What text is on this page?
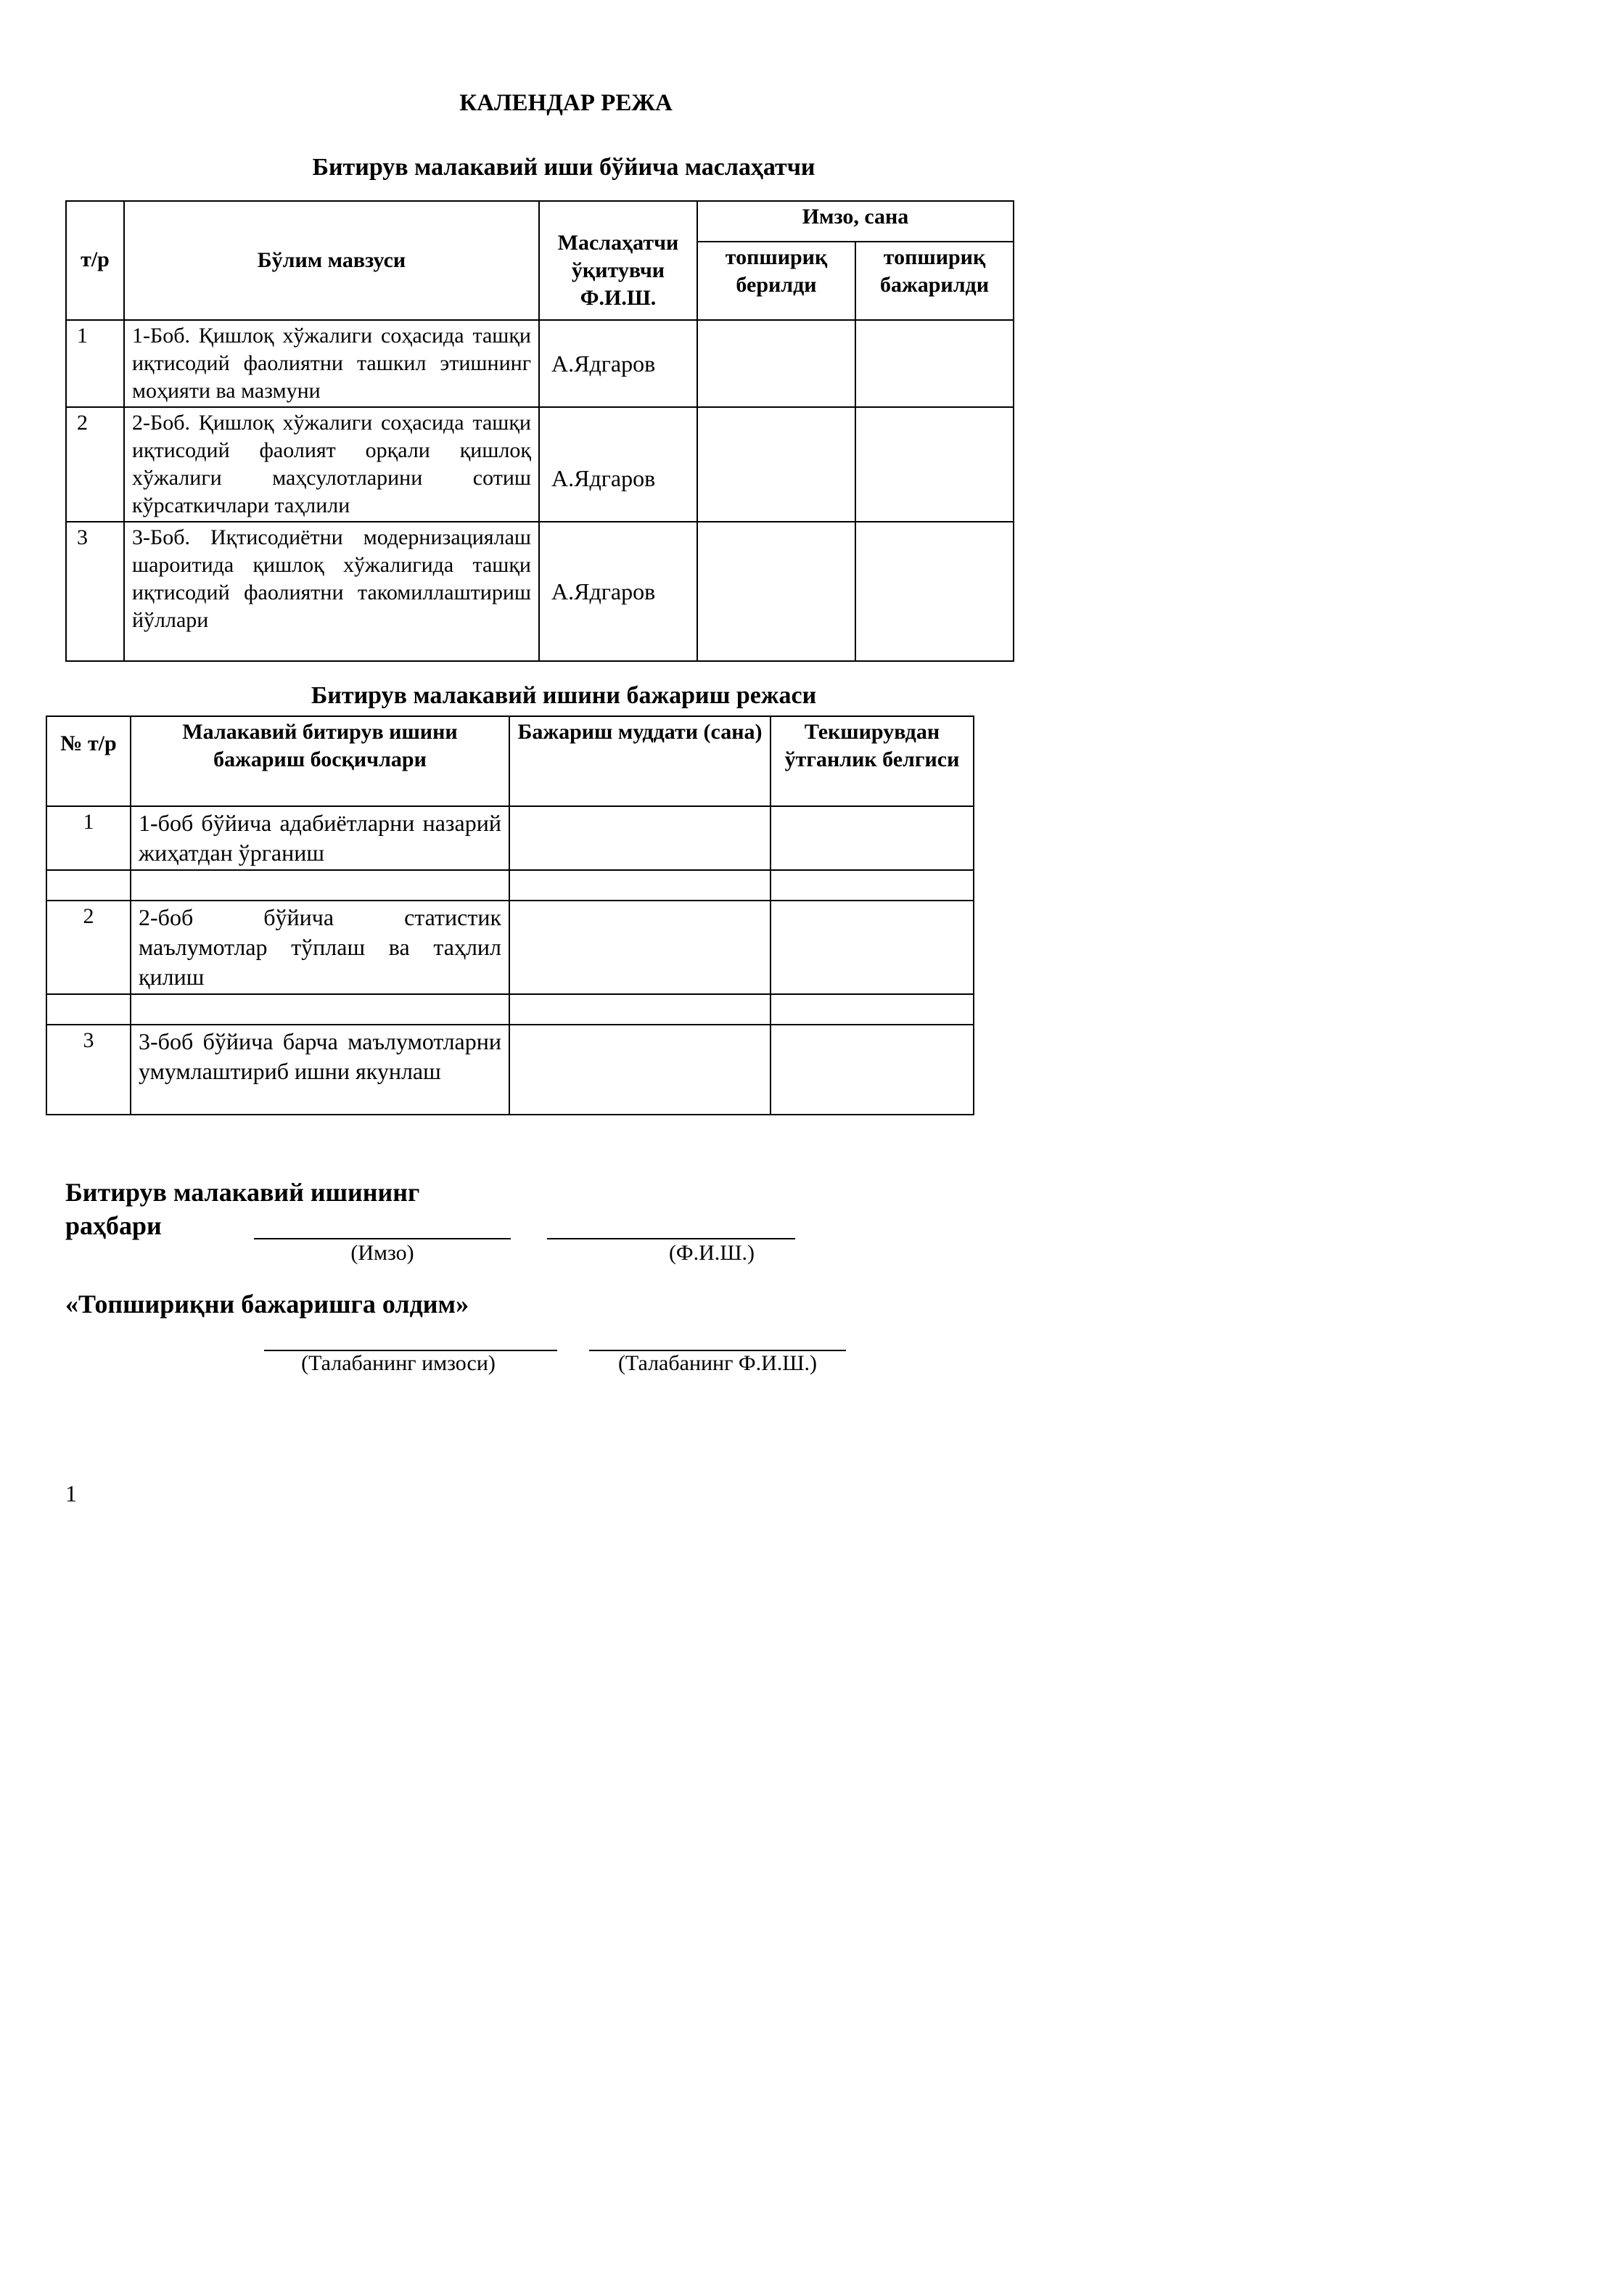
КАЛЕНДАР РЕЖА
Битирув малакавий иши бўйича маслаҳатчи
т/р	Бўлим мавзуси	Маслаҳатчи ўқитувчи Ф.И.Ш.	Имзо, сана	
			топшириқ берилди	топшириқ бажарилди
1	1-Боб. Қишлоқ хўжалиги соҳасида ташқи иқтисодий фаолиятни ташкил этишнинг моҳияти ва мазмуни	А.Ядгаров		
2	2-Боб. Қишлоқ хўжалиги соҳасида ташқи иқтисодий фаолият орқали қишлоқ хўжалиги маҳсулотларини сотиш кўрсаткичлари таҳлили	А.Ядгаров		
3	3-Боб. Иқтисодиётни модернизациялаш шароитида қишлоқ хўжалигида ташқи иқтисодий фаолиятни такомиллаштириш йўллари	А.Ядгаров		
Битирув малакавий ишини бажариш режаси
№ т/р	Малакавий битирув ишини бажариш босқичлари	Бажариш муддати (сана)	Текширувдан ўтганлик белгиси
1	1-боб бўйича адабиётларни назарий жиҳатдан ўрганиш		

2	2-боб бўйича статистик маълумотлар тўплаш ва таҳлил қилиш		

3	3-боб бўйича барча маълумотларни умумлаштириб ишни якунлаш		
Битирув малакавий ишининг
раҳбари
(Имзо)	(Ф.И.Ш.)
«Топшириқни бажаришга олдим»
(Талабанинг имзоси)	(Талабанинг Ф.И.Ш.)
1
